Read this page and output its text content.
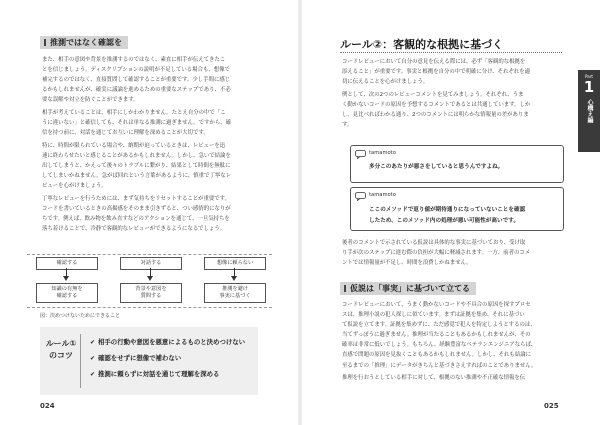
推測ではなく確認を
また、相手の意図や背景を推測するのではなく、素直に相手が伝えてきたこ
とを信じましょう。ディスクリプションの説明が不足している場合も、想像で
補完するのではなく、直接質問して確認することが重要です。少し手間に感じ
るかもしれませんが、確実に議論を進めるための重要なステップであり、不必
要な誤解や対立を防ぐことができます。
相手が考えていることは、相手にしかわかりません。たとえ自分の中で「こ
うに違いない」と確信しても、それは単なる推測に過ぎません。ですから、確
信を持つ前に、対話を通じてお互いに理解を深めることが大切です。
特に、時間が限られている場合や、納期が迫っているときは、レビューを迅
速に終わらせたいと感じることがあるかもしれません。しかし、急いで結論を
出してしまうと、かえって後々のトラブルに繋がり、結果として時間を無駄に
してしまいかねません。急がば回れという言葉があるように、慎重で丁寧なレ
ビューを心がけましょう。
丁寧なレビューを行うためには、まず気持ちをリセットすることが重要です。
コードを書いているときの高揚感をそのまま引きずると、つい感情的になりが
ちです。例えば、飲み物を飲み直すなどのアクションを通じて、一旦気持ちを
落ち着けることで、冷静で客観的なレビューができるようになるでしょう。
確認する	対話する	想像に頼らない
知識の有無を
確認する
背景や意図を
質問する
推測を避け
事実に基づく
図：決めつけないためにできること
ルール①
のコツ
✔ 相手の行動や意図を悪意によるものと決めつけない
✔ 確認をせずに想像で補わない
✔ 推測に頼らずに対話を通じて理解を深める
024
ルール②：客観的な根拠に基づく
Part
1
心構え編
コードレビューにおいて自分の意見を伝える際には、必ず「客観的な根拠を
添えること」が重要です。事実と根拠を自分の中で明確に分け、それぞれを適
切に伝えることを心がけましょう。
例として、次の2つのレビューコメントを見てみましょう。それぞれ、うま
く動かないコードの原因を予想するコメントであるとは共通しています。しか
し、見比べればわかる通り、2つのコメントには明らかな情報量の差がありま
す。
tamamoto
多分このあたりが悪さをしていると思うんですよね。
tamamoto
ここのメソッドで返り値が期待通りになっていないことを確認
したため、このメソッド内の処理が悪い可能性が高いです。
後者のコメントで示されている仮説は具体的な事実に基づいており、受け取
り手が次のステップに進む際の負担が大幅に軽減されます。一方、前者のコメ
ントでは情報量が不足し、時間を浪費しかねません。
仮説は「事実」に基づいて立てる
コードレビューにおいて、うまく動かないコードや不具合の原因を探すプロセ
スは、推理小説の犯人探しに似ています。まずは証拠を集め、それに基づい
て仮説を立てます。証拠を集めずに、ただ感覚で犯人を特定しようとするのは、
当てずっぽうに過ぎません。推理が当たることもあるかもしれませんが、その
確率は非常に低いでしょう。もちろん、経験豊富なベテランエンジニアならば、
直感で問題の原因を見抜くこともあるかもしれません。しかし、それも結論に
至るまでの「推理」にデータがきちんと基づきさえすればのことでありません。
推理を行おうとしている相手に対して、根拠のない推測や不正確な情報を伝
025
